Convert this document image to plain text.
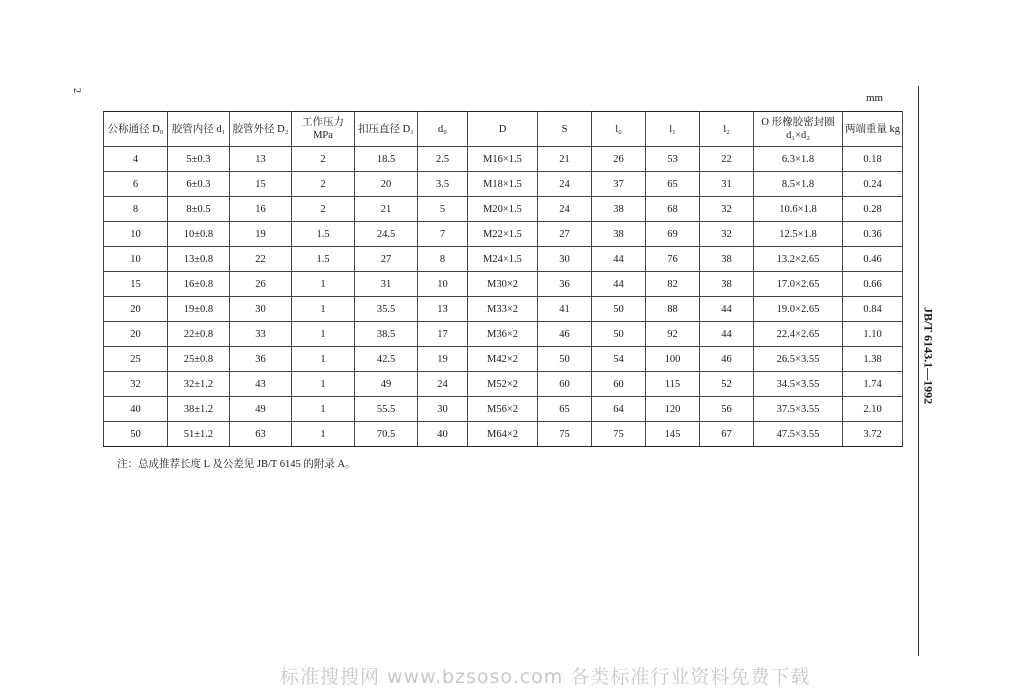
2
mm
JB/T 6143.1—1992
公称通径 D₀	胶管内径 d₁	胶管外径 D₂	工作压力 MPa	扣压直径 D₁	d₀	D	S	l₀	l₁	l₂	O 形橡胶密封圈 d₁×d₂	两端重量 kg
4	5±0.3	13	2	18.5	2.5	M16×1.5	21	26	53	22	6.3×1.8	0.18
6	6±0.3	15	2	20	3.5	M18×1.5	24	37	65	31	8.5×1.8	0.24
8	8±0.5	16	2	21	5	M20×1.5	24	38	68	32	10.6×1.8	0.28
10	10±0.8	19	1.5	24.5	7	M22×1.5	27	38	69	32	12.5×1.8	0.36
10	13±0.8	22	1.5	27	8	M24×1.5	30	44	76	38	13.2×2.65	0.46
15	16±0.8	26	1	31	10	M30×2	36	44	82	38	17.0×2.65	0.66
20	19±0.8	30	1	35.5	13	M33×2	41	50	88	44	19.0×2.65	0.84
20	22±0.8	33	1	38.5	17	M36×2	46	50	92	44	22.4×2.65	1.10
25	25±0.8	36	1	42.5	19	M42×2	50	54	100	46	26.5×3.55	1.38
32	32±1.2	43	1	49	24	M52×2	60	60	115	52	34.5×3.55	1.74
40	38±1.2	49	1	55.5	30	M56×2	65	64	120	56	37.5×3.55	2.10
50	51±1.2	63	1	70.5	40	M64×2	75	75	145	67	47.5×3.55	3.72
注：总成推荐长度 L 及公差见 JB/T 6145 的附录 A。
标准搜搜网 www.bzsoso.com 各类标准行业资料免费下载
